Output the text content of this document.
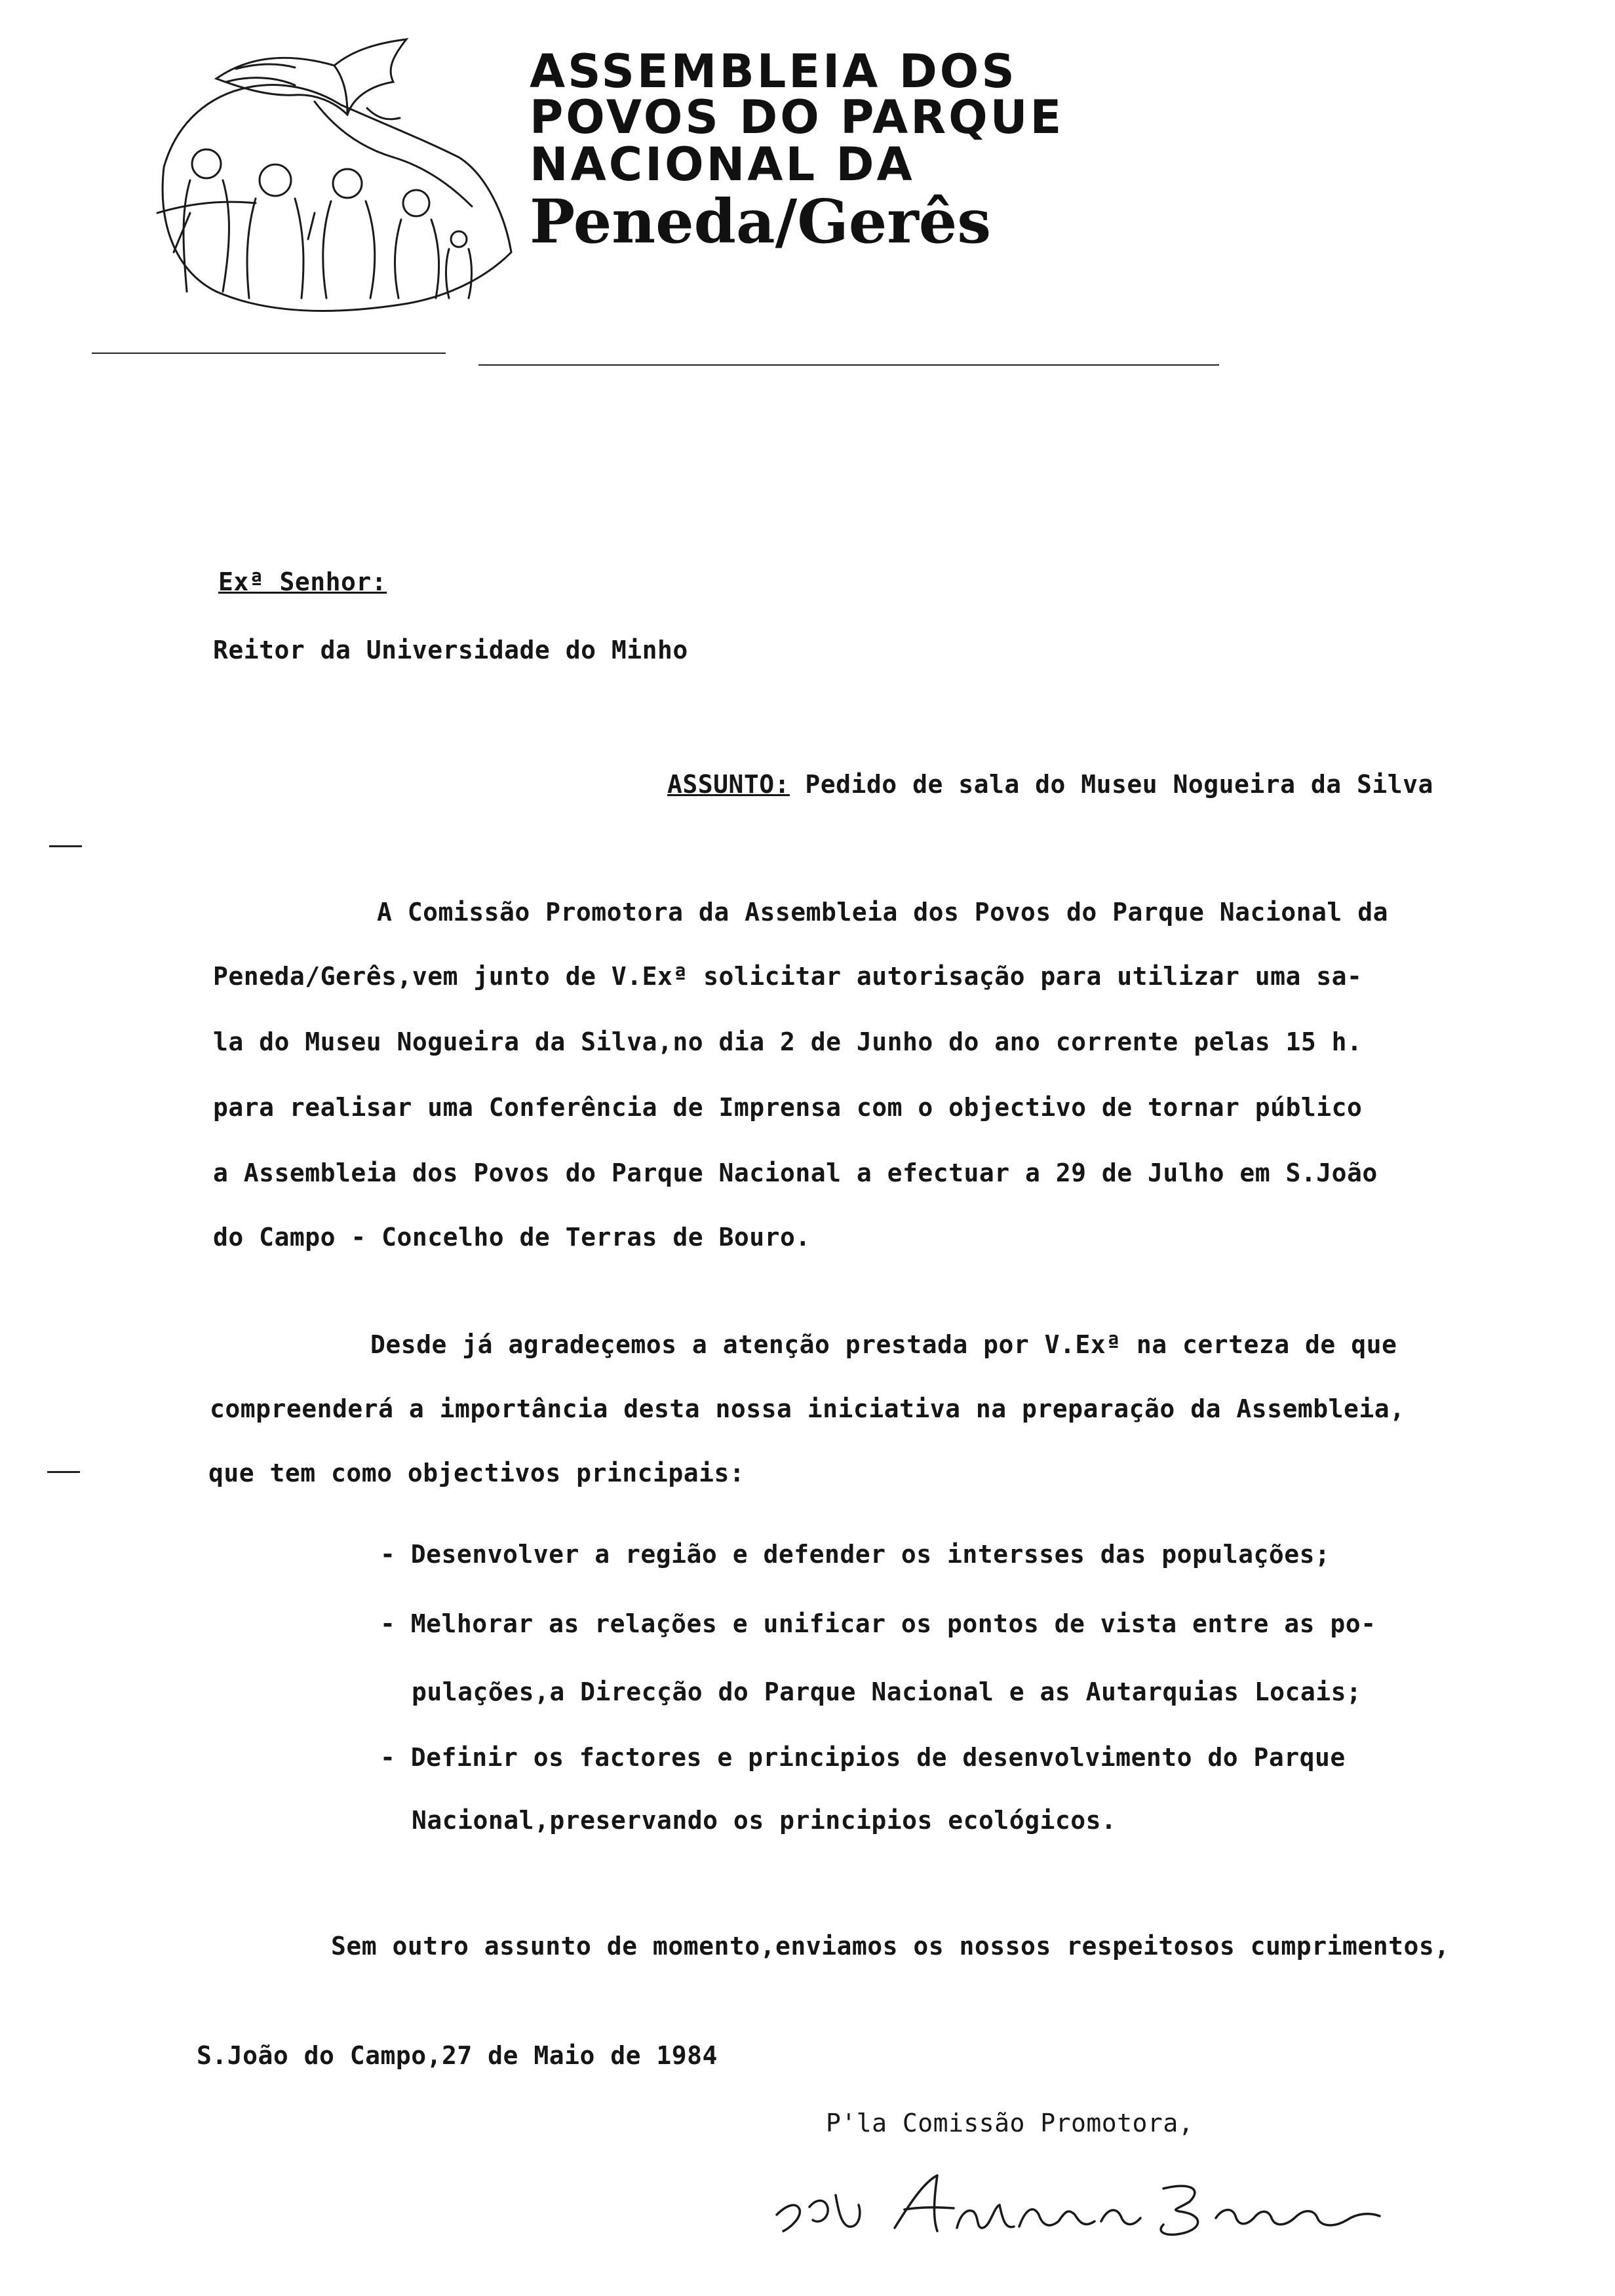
ASSEMBLEIA DOS
POVOS DO PARQUE
NACIONAL DA
Peneda/Gerês
Exª Senhor:
Reitor da Universidade do Minho
ASSUNTO: Pedido de sala do Museu Nogueira da Silva
A Comissão Promotora da Assembleia dos Povos do Parque Nacional da
Peneda/Gerês,vem junto de V.Exª solicitar autorisação para utilizar uma sa-
la do Museu Nogueira da Silva,no dia 2 de Junho do ano corrente pelas 15 h.
para realisar uma Conferência de Imprensa com o objectivo de tornar público
a Assembleia dos Povos do Parque Nacional a efectuar a 29 de Julho em S.João
do Campo - Concelho de Terras de Bouro.
Desde já agradeçemos a atenção prestada por V.Exª na certeza de que
compreenderá a importância desta nossa iniciativa na preparação da Assembleia,
que tem como objectivos principais:
- Desenvolver a região e defender os intersses das populações;
- Melhorar as relações e unificar os pontos de vista entre as po-
pulações,a Direcção do Parque Nacional e as Autarquias Locais;
- Definir os factores e principios de desenvolvimento do Parque
Nacional,preservando os principios ecológicos.
Sem outro assunto de momento,enviamos os nossos respeitosos cumprimentos,
S.João do Campo,27 de Maio de 1984
P'la Comissão Promotora,
